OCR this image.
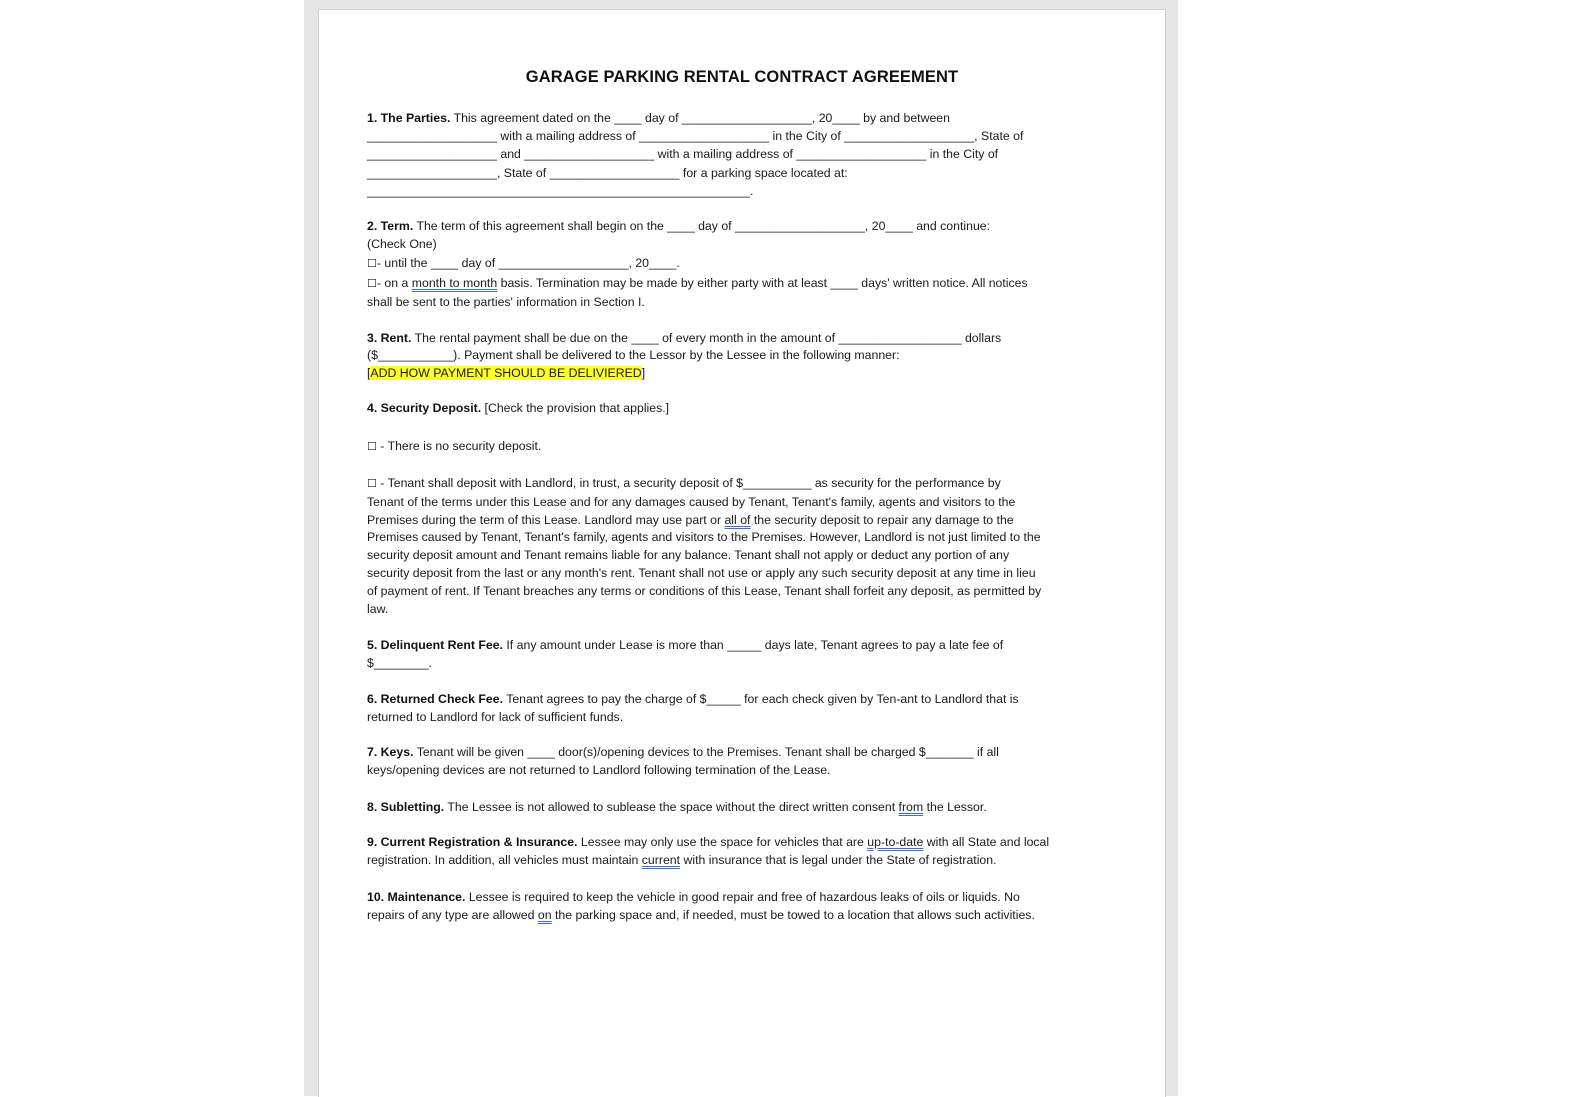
GARAGE PARKING RENTAL CONTRACT AGREEMENT
1. The Parties. This agreement dated on the ____ day of ___________________, 20____ by and between
___________________ with a mailing address of ___________________ in the City of ___________________, State of
___________________ and ___________________ with a mailing address of ___________________ in the City of
___________________, State of ___________________ for a parking space located at:
________________________________________________________.
2. Term. The term of this agreement shall begin on the ____ day of ___________________, 20____ and continue:
(Check One)
☐- until the ____ day of ___________________, 20____.
☐- on a month to month basis. Termination may be made by either party with at least ____ days' written notice. All notices
shall be sent to the parties' information in Section I.
3. Rent. The rental payment shall be due on the ____ of every month in the amount of __________________ dollars
($___________). Payment shall be delivered to the Lessor by the Lessee in the following manner:
[ADD HOW PAYMENT SHOULD BE DELIVIERED]
4. Security Deposit. [Check the provision that applies.]
☐ - There is no security deposit.
☐ - Tenant shall deposit with Landlord, in trust, a security deposit of $__________ as security for the performance by
Tenant of the terms under this Lease and for any damages caused by Tenant, Tenant's family, agents and visitors to the
Premises during the term of this Lease. Landlord may use part or all of the security deposit to repair any damage to the
Premises caused by Tenant, Tenant's family, agents and visitors to the Premises. However, Landlord is not just limited to the
security deposit amount and Tenant remains liable for any balance. Tenant shall not apply or deduct any portion of any
security deposit from the last or any month's rent. Tenant shall not use or apply any such security deposit at any time in lieu
of payment of rent. If Tenant breaches any terms or conditions of this Lease, Tenant shall forfeit any deposit, as permitted by
law.
5. Delinquent Rent Fee. If any amount under Lease is more than _____ days late, Tenant agrees to pay a late fee of
$________.
6. Returned Check Fee. Tenant agrees to pay the charge of $_____ for each check given by Ten-ant to Landlord that is
returned to Landlord for lack of sufficient funds.
7. Keys. Tenant will be given ____ door(s)/opening devices to the Premises. Tenant shall be charged $_______ if all
keys/opening devices are not returned to Landlord following termination of the Lease.
8. Subletting. The Lessee is not allowed to sublease the space without the direct written consent from the Lessor.
9. Current Registration & Insurance. Lessee may only use the space for vehicles that are up-to-date with all State and local
registration. In addition, all vehicles must maintain current with insurance that is legal under the State of registration.
10. Maintenance. Lessee is required to keep the vehicle in good repair and free of hazardous leaks of oils or liquids. No
repairs of any type are allowed on the parking space and, if needed, must be towed to a location that allows such activities.
